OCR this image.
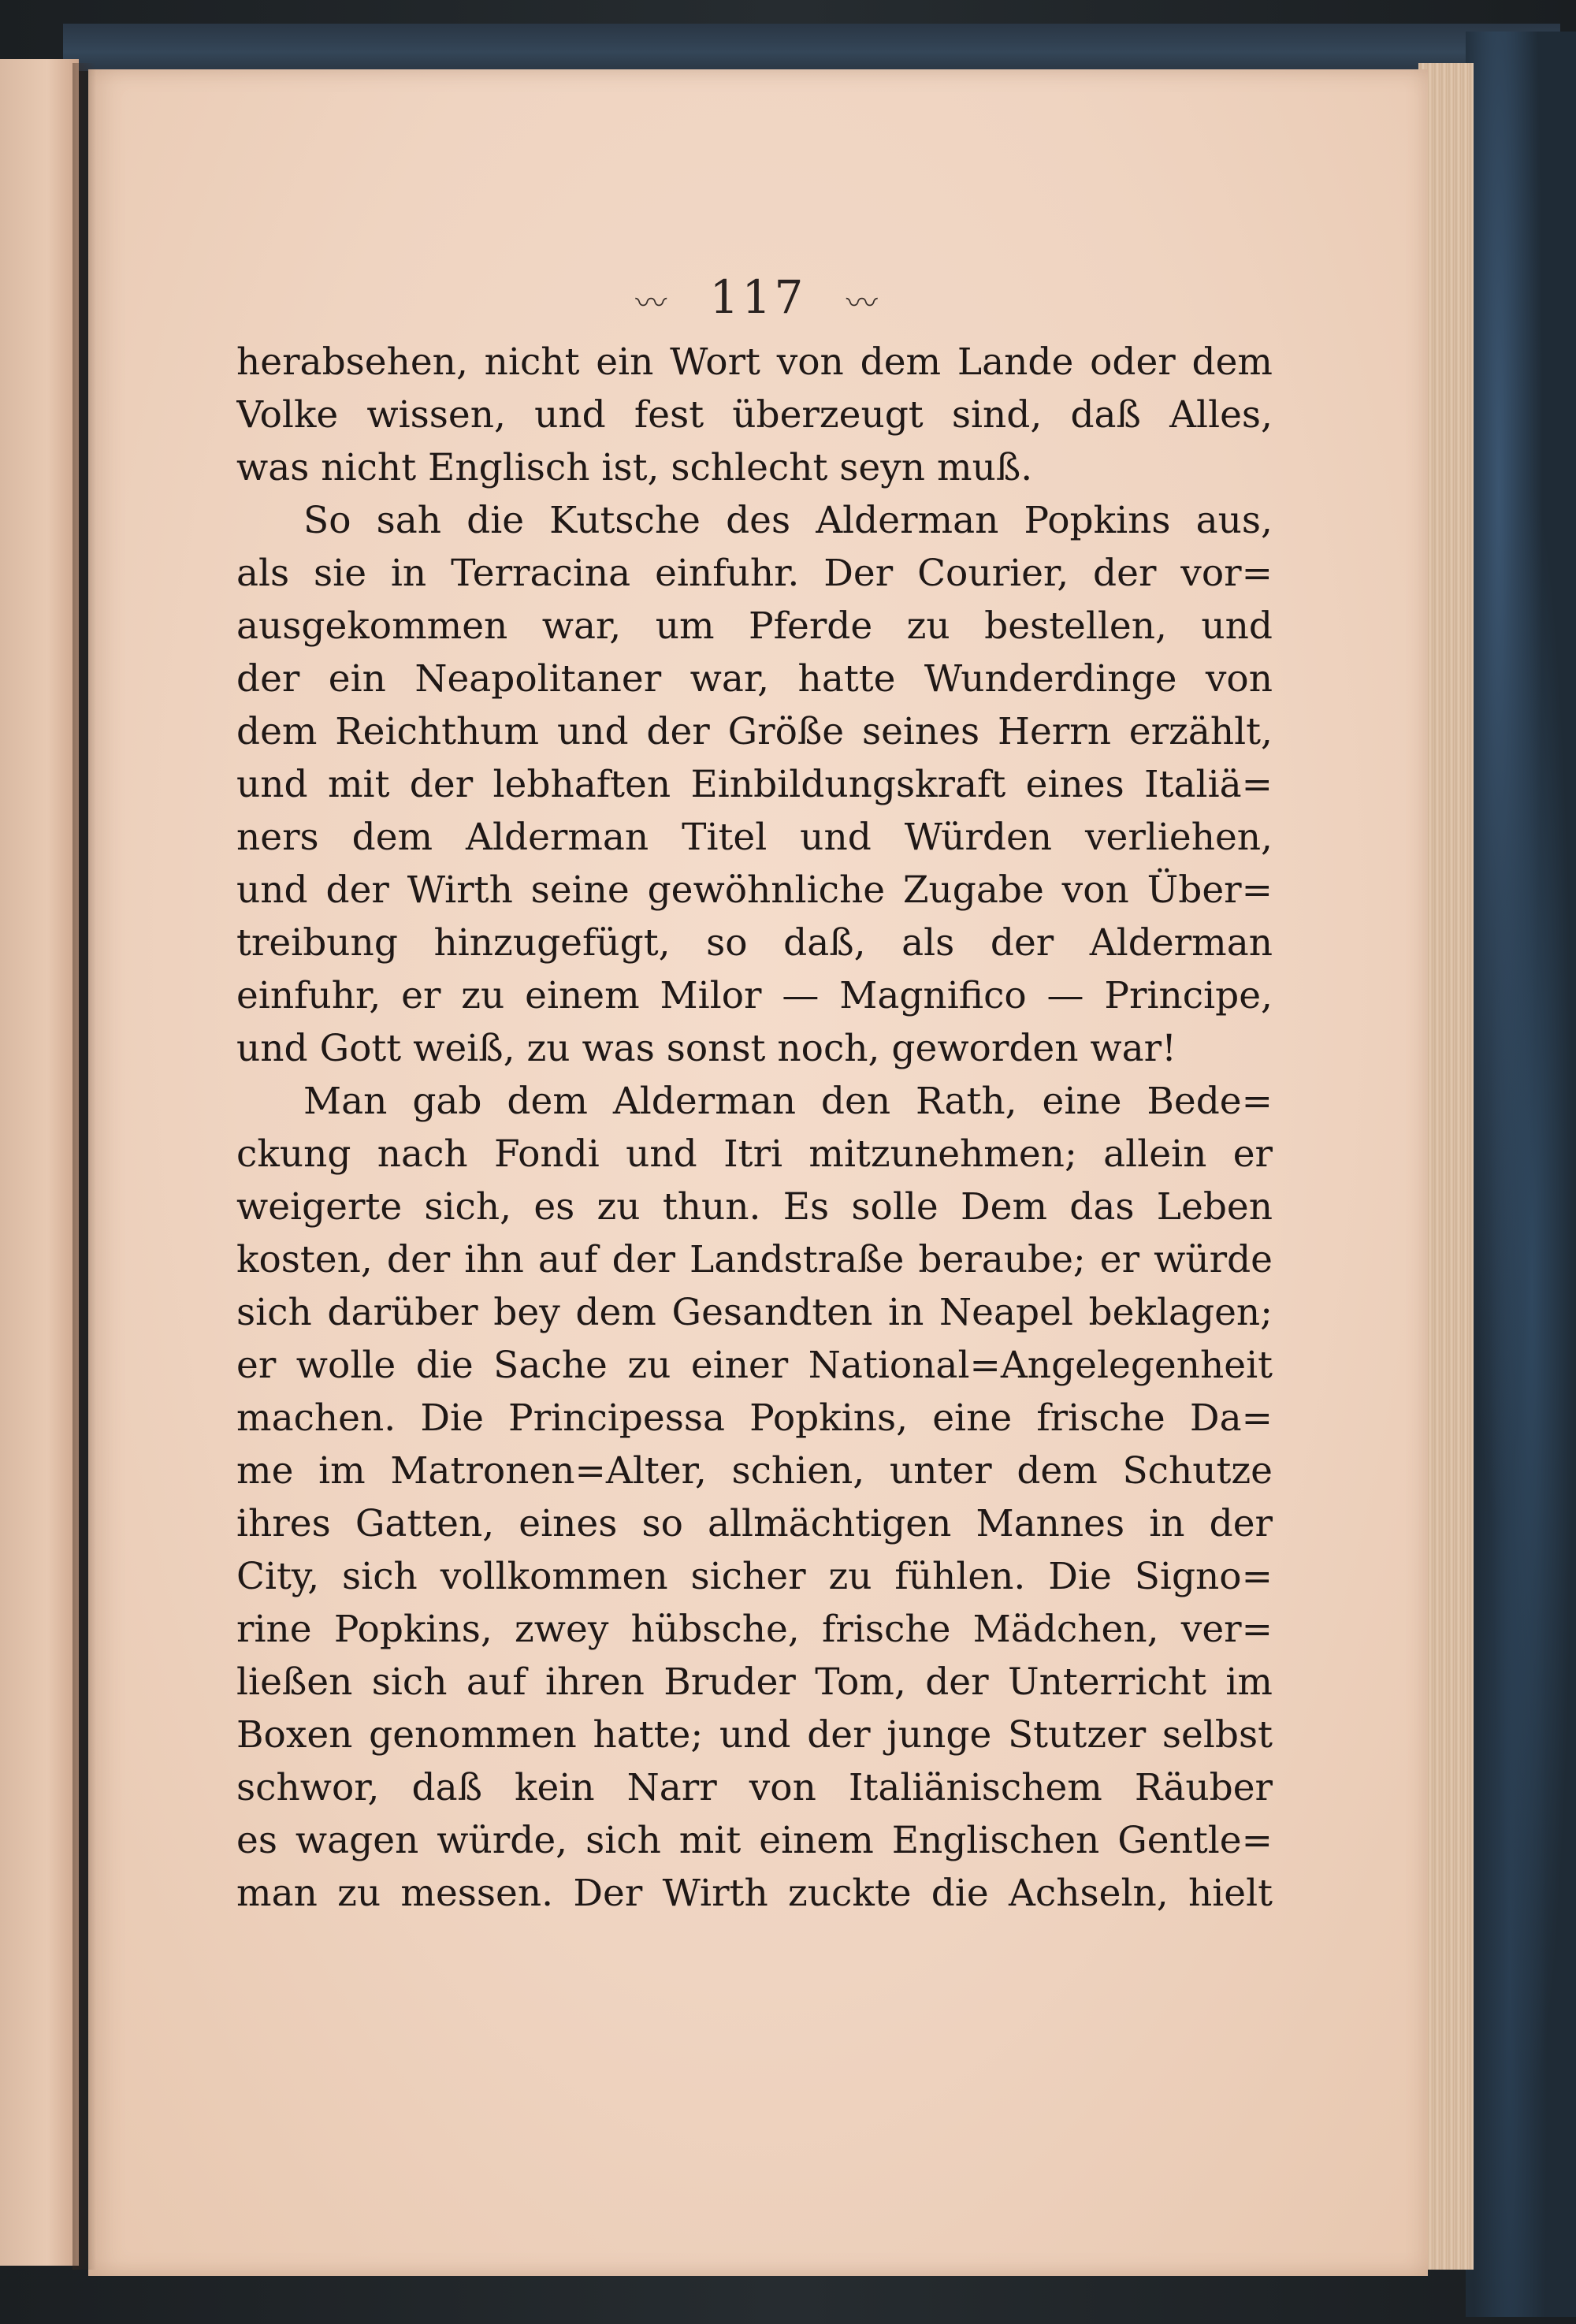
〰 117 〰
herabsehen, nicht ein Wort von dem Lande oder dem
Volke wissen, und fest überzeugt sind, daß Alles,
was nicht Englisch ist, schlecht seyn muß.
So sah die Kutsche des Alderman Popkins aus,
als sie in Terracina einfuhr. Der Courier, der vor=
ausgekommen war, um Pferde zu bestellen, und
der ein Neapolitaner war, hatte Wunderdinge von
dem Reichthum und der Größe seines Herrn erzählt,
und mit der lebhaften Einbildungskraft eines Italiä=
ners dem Alderman Titel und Würden verliehen,
und der Wirth seine gewöhnliche Zugabe von Über=
treibung hinzugefügt, so daß, als der Alderman
einfuhr, er zu einem Milor — Magnifico — Principe,
und Gott weiß, zu was sonst noch, geworden war!
Man gab dem Alderman den Rath, eine Bede=
ckung nach Fondi und Itri mitzunehmen; allein er
weigerte sich, es zu thun. Es solle Dem das Leben
kosten, der ihn auf der Landstraße beraube; er würde
sich darüber bey dem Gesandten in Neapel beklagen;
er wolle die Sache zu einer National=Angelegenheit
machen. Die Principessa Popkins, eine frische Da=
me im Matronen=Alter, schien, unter dem Schutze
ihres Gatten, eines so allmächtigen Mannes in der
City, sich vollkommen sicher zu fühlen. Die Signo=
rine Popkins, zwey hübsche, frische Mädchen, ver=
ließen sich auf ihren Bruder Tom, der Unterricht im
Boxen genommen hatte; und der junge Stutzer selbst
schwor, daß kein Narr von Italiänischem Räuber
es wagen würde, sich mit einem Englischen Gentle=
man zu messen. Der Wirth zuckte die Achseln, hielt
